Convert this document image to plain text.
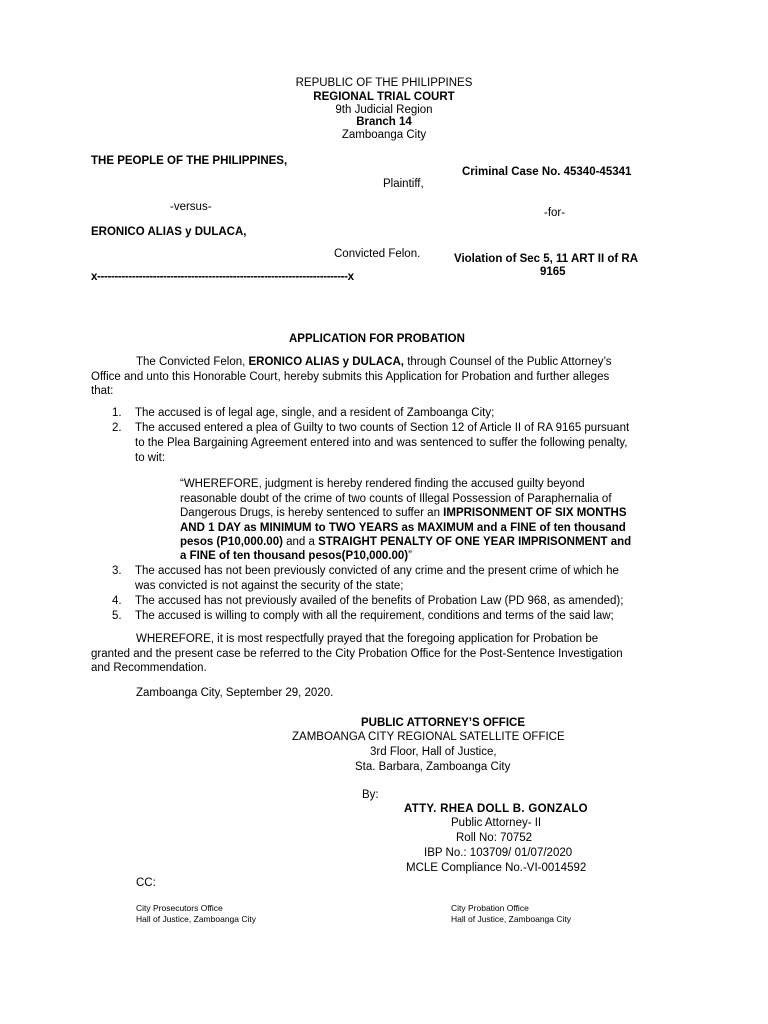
REPUBLIC OF THE PHILIPPINES
REGIONAL TRIAL COURT
9th Judicial Region
Branch 14
Zamboanga City
THE PEOPLE OF THE PHILIPPINES,
Plaintiff,
-versus-
ERONICO ALIAS y DULACA,
Convicted Felon.
x------------------------------------------------------------------------x
Criminal Case No. 45340-45341
-for-
Violation of Sec 5, 11 ART II of RA
9165
APPLICATION FOR PROBATION
The Convicted Felon, ERONICO ALIAS y DULACA, through Counsel of the Public Attorney’s
Office and unto this Honorable Court, hereby submits this Application for Probation and further alleges
that:
1. The accused is of legal age, single, and a resident of Zamboanga City;
2. The accused entered a plea of Guilty to two counts of Section 12 of Article II of RA 9165 pursuant
to the Plea Bargaining Agreement entered into and was sentenced to suffer the following penalty,
to wit:
“WHEREFORE, judgment is hereby rendered finding the accused guilty beyond
reasonable doubt of the crime of two counts of Illegal Possession of Paraphernalia of
Dangerous Drugs, is hereby sentenced to suffer an IMPRISONMENT OF SIX MONTHS
AND 1 DAY as MINIMUM to TWO YEARS as MAXIMUM and a FINE of ten thousand
pesos (P10,000.00) and a STRAIGHT PENALTY OF ONE YEAR IMPRISONMENT and
a FINE of ten thousand pesos(P10,000.00)”
3. The accused has not been previously convicted of any crime and the present crime of which he
was convicted is not against the security of the state;
4. The accused has not previously availed of the benefits of Probation Law (PD 968, as amended);
5. The accused is willing to comply with all the requirement, conditions and terms of the said law;
WHEREFORE, it is most respectfully prayed that the foregoing application for Probation be
granted and the present case be referred to the City Probation Office for the Post-Sentence Investigation
and Recommendation.
Zamboanga City, September 29, 2020.
PUBLIC ATTORNEY’S OFFICE
ZAMBOANGA CITY REGIONAL SATELLITE OFFICE
3rd Floor, Hall of Justice,
Sta. Barbara, Zamboanga City
By:
ATTY. RHEA DOLL B. GONZALO
Public Attorney- II
Roll No: 70752
IBP No.: 103709/ 01/07/2020
MCLE Compliance No.-VI-0014592
CC:
City Prosecutors Office
Hall of Justice, Zamboanga City
City Probation Office
Hall of Justice, Zamboanga City
